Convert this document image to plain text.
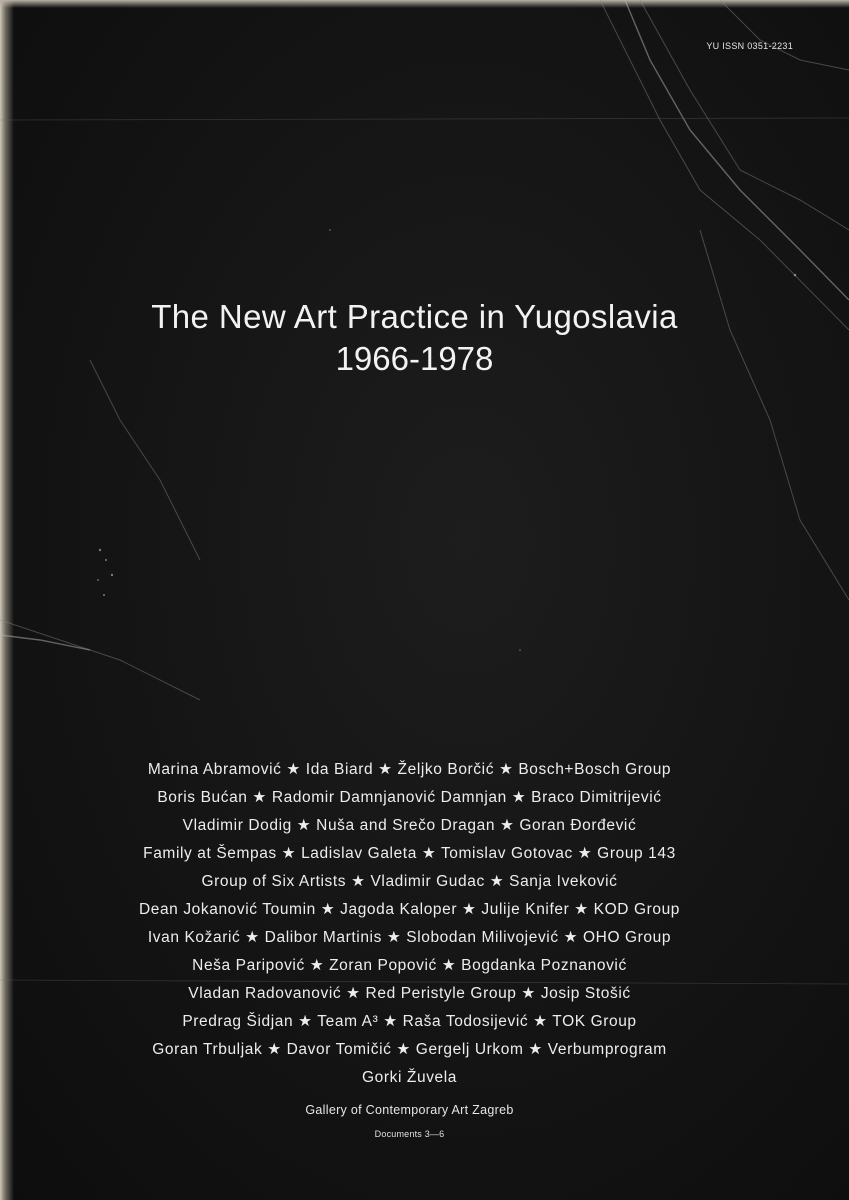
YU ISSN 0351-2231
The New Art Practice in Yugoslavia
1966-1978
Marina Abramović ★ Ida Biard ★ Željko Borčić ★ Bosch+Bosch Group
Boris Bućan ★ Radomir Damnjanović Damnjan ★ Braco Dimitrijević
Vladimir Dodig ★ Nuša and Srečo Dragan ★ Goran Đorđević
Family at Šempas ★ Ladislav Galeta ★ Tomislav Gotovac ★ Group 143
Group of Six Artists ★ Vladimir Gudac ★ Sanja Iveković
Dean Jokanović Toumin ★ Jagoda Kaloper ★ Julije Knifer ★ KOD Group
Ivan Kožarić ★ Dalibor Martinis ★ Slobodan Milivojević ★ OHO Group
Neša Paripović ★ Zoran Popović ★ Bogdanka Poznanović
Vladan Radovanović ★ Red Peristyle Group ★ Josip Stošić
Predrag Šidjan ★ Team A³ ★ Raša Todosijević ★ TOK Group
Goran Trbuljak ★ Davor Tomičić ★ Gergelj Urkom ★ Verbumprogram
Gorki Žuvela
Gallery of Contemporary Art Zagreb
Documents 3—6
